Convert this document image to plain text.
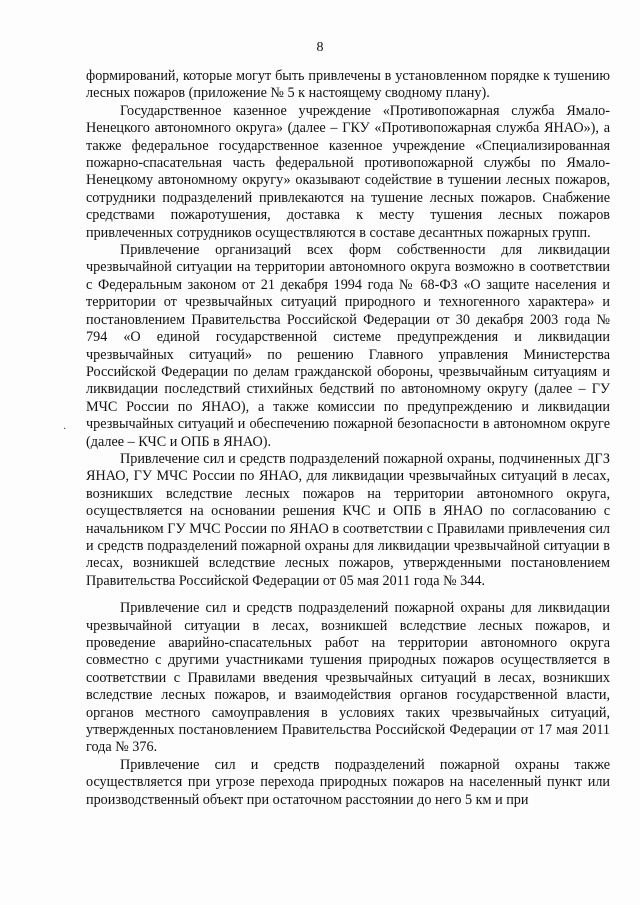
8
·

формирований, которые могут быть привлечены в установленном порядке к тушению лесных пожаров (приложение № 5 к настоящему сводному плану).

Государственное казенное учреждение «Противопожарная служба Ямало-Ненецкого автономного округа» (далее – ГКУ «Противопожарная служба ЯНАО»), а также федеральное государственное казенное учреждение «Специализированная пожарно-спасательная часть федеральной противопожарной службы по Ямало-Ненецкому автономному округу» оказывают содействие в тушении лесных пожаров, сотрудники подразделений привлекаются на тушение лесных пожаров. Снабжение средствами пожаротушения, доставка к месту тушения лесных пожаров привлеченных сотрудников осуществляются в составе десантных пожарных групп.

Привлечение организаций всех форм собственности для ликвидации чрезвычайной ситуации на территории автономного округа возможно в соответствии с Федеральным законом от 21 декабря 1994 года № 68-ФЗ «О защите населения и территории от чрезвычайных ситуаций природного и техногенного характера» и постановлением Правительства Российской Федерации от 30 декабря 2003 года № 794 «О единой государственной системе предупреждения и ликвидации чрезвычайных ситуаций» по решению Главного управления Министерства Российской Федерации по делам гражданской обороны, чрезвычайным ситуациям и ликвидации последствий стихийных бедствий по автономному округу (далее – ГУ МЧС России по ЯНАО), а также комиссии по предупреждению и ликвидации чрезвычайных ситуаций и обеспечению пожарной безопасности в автономном округе (далее – КЧС и ОПБ в ЯНАО).

Привлечение сил и средств подразделений пожарной охраны, подчиненных ДГЗ ЯНАО, ГУ МЧС России по ЯНАО, для ликвидации чрезвычайных ситуаций в лесах, возникших вследствие лесных пожаров на территории автономного округа, осуществляется на основании решения КЧС и ОПБ в ЯНАО по согласованию с начальником ГУ МЧС России по ЯНАО в соответствии с Правилами привлечения сил и средств подразделений пожарной охраны для ликвидации чрезвычайной ситуации в лесах, возникшей вследствие лесных пожаров, утвержденными постановлением Правительства Российской Федерации от 05 мая 2011 года № 344.

Привлечение сил и средств подразделений пожарной охраны для ликвидации чрезвычайной ситуации в лесах, возникшей вследствие лесных пожаров, и проведение аварийно-спасательных работ на территории автономного округа совместно с другими участниками тушения природных пожаров осуществляется в соответствии с Правилами введения чрезвычайных ситуаций в лесах, возникших вследствие лесных пожаров, и взаимодействия органов государственной власти, органов местного самоуправления в условиях таких чрезвычайных ситуаций, утвержденных постановлением Правительства Российской Федерации от 17 мая 2011 года № 376.

Привлечение сил и средств подразделений пожарной охраны также осуществляется при угрозе перехода природных пожаров на населенный пункт или производственный объект при остаточном расстоянии до него 5 км и при
